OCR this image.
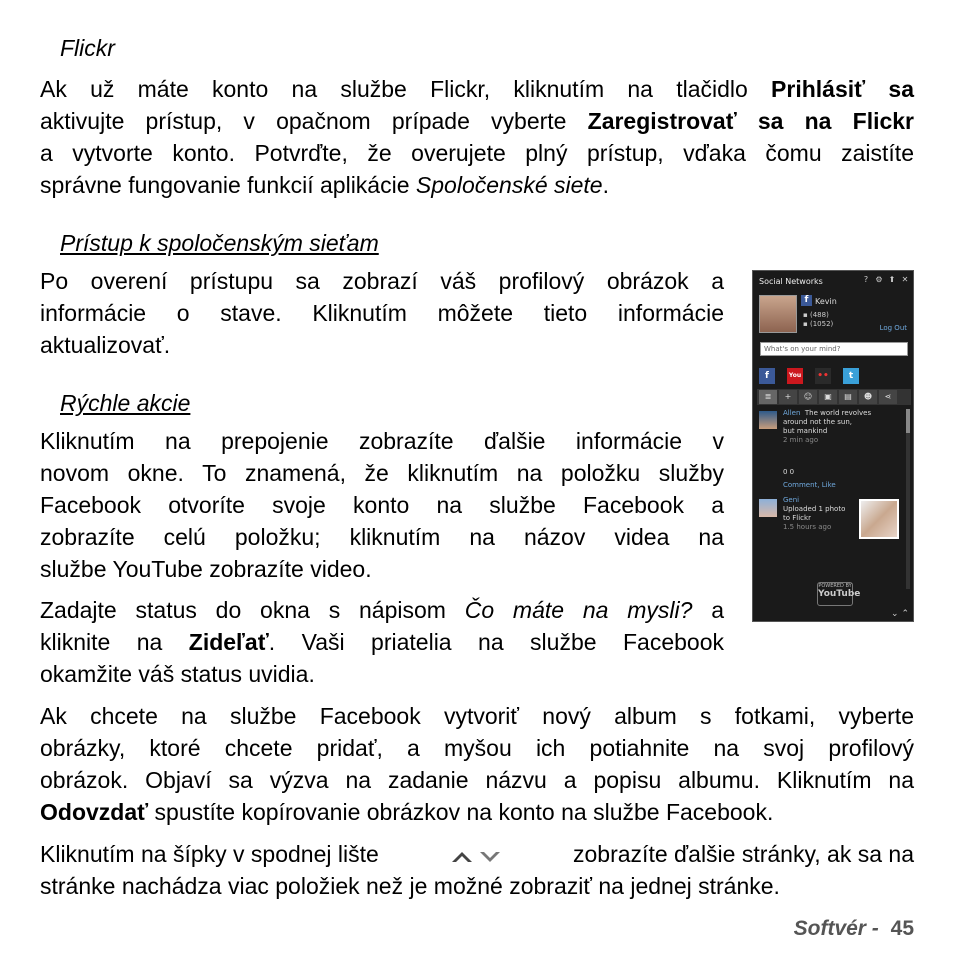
Flickr
Ak už máte konto na službe Flickr, kliknutím na tlačidlo Prihlásiť sa
aktivujte prístup, v opačnom prípade vyberte Zaregistrovať sa na Flickr
a vytvorte konto. Potvrďte, že overujete plný prístup, vďaka čomu zaistíte
správne fungovanie funkcií aplikácie Spoločenské siete.
Prístup k spoločenským sieťam
Po overení prístupu sa zobrazí váš profilový obrázok a
informácie o stave. Kliknutím môžete tieto informácie
aktualizovať.
Rýchle akcie
Kliknutím na prepojenie zobrazíte ďalšie informácie v
novom okne. To znamená, že kliknutím na položku služby
Facebook otvoríte svoje konto na službe Facebook a
zobrazíte celú položku; kliknutím na názov videa na
službe YouTube zobrazíte video.
Zadajte status do okna s nápisom Čo máte na mysli? a
kliknite na Zideľať. Vaši priatelia na službe Facebook
okamžite váš status uvidia.
Ak chcete na službe Facebook vytvoriť nový album s fotkami, vyberte
obrázky, ktoré chcete pridať, a myšou ich potiahnite na svoj profilový
obrázok. Objaví sa výzva na zadanie názvu a popisu albumu. Kliknutím na
Odovzdať spustíte kopírovanie obrázkov na konto na službe Facebook.
Kliknutím na šípky v spodnej lište	zobrazíte ďalšie stránky, ak sa na
stránke nachádza viac položiek než je možné zobraziť na jednej stránke.
Softvér - 45
Social Networks	? ⚙ ⬆ ✕
f Kevin
▪ (488)
▪ (1052)	Log Out
What's on your mind?
f	You ••	t
≣	+	☺	▣	▤	☻	⋖
Allen The world revolves
around not the sun,
but mankind
2 min ago
0 0
Comment, Like
Geni
Uploaded 1 photo
to Flickr
1.5 hours ago
POWERED BY
YouTube
⌄ ⌃
